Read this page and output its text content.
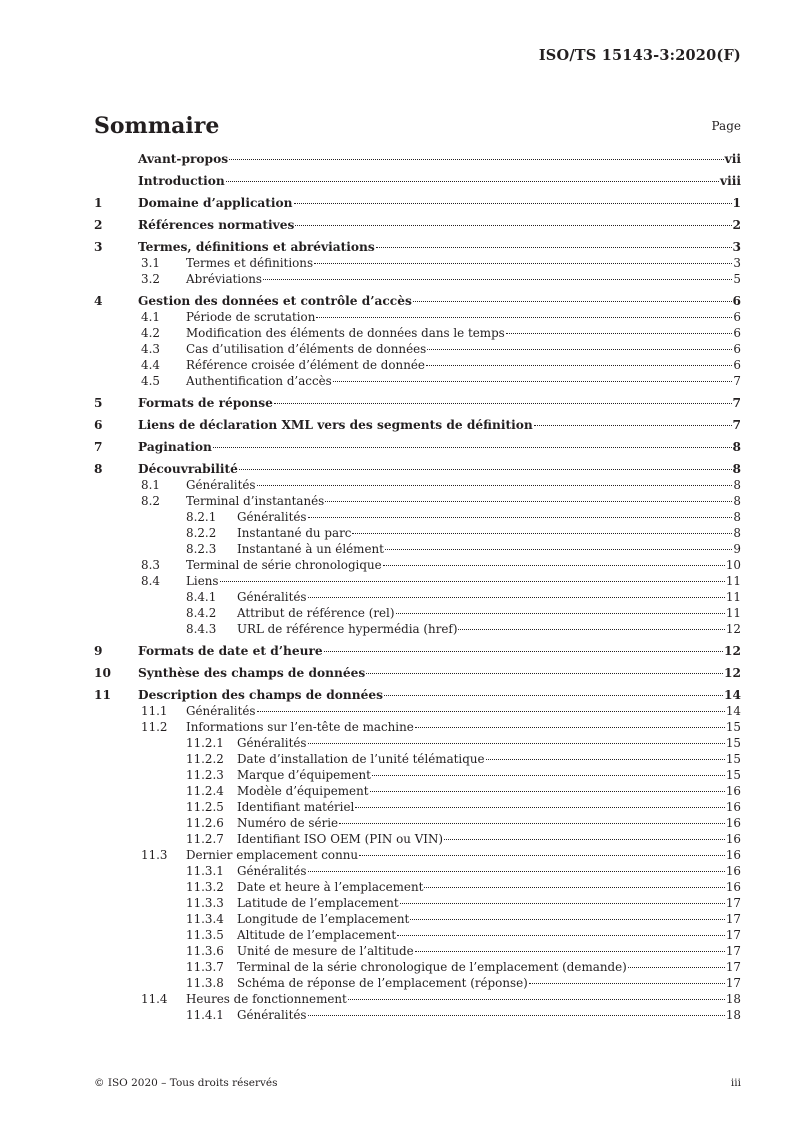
ISO/TS 15143-3:2020(F)
Sommaire	Page
Avant-propos	vii
Introduction	viii
1	Domaine d’application	1
2	Références normatives	2
3	Termes, définitions et abréviations	3
3.1 Termes et définitions	3
3.2 Abréviations	5
4	Gestion des données et contrôle d’accès	6
4.1 Période de scrutation	6
4.2 Modification des éléments de données dans le temps	6
4.3 Cas d’utilisation d’éléments de données	6
4.4 Référence croisée d’élément de donnée	6
4.5 Authentification d’accès	7
5	Formats de réponse	7
6	Liens de déclaration XML vers des segments de définition	7
7	Pagination	8
8	Découvrabilité	8
8.1 Généralités	8
8.2 Terminal d’instantanés	8
8.2.1 Généralités	8
8.2.2 Instantané du parc	8
8.2.3 Instantané à un élément	9
8.3 Terminal de série chronologique	10
8.4 Liens	11
8.4.1 Généralités	11
8.4.2 Attribut de référence (rel)	11
8.4.3 URL de référence hypermédia (href)	12
9	Formats de date et d’heure	12
10	Synthèse des champs de données	12
11	Description des champs de données	14
11.1 Généralités	14
11.2 Informations sur l’en-tête de machine	15
11.2.1 Généralités	15
11.2.2 Date d’installation de l’unité télématique	15
11.2.3 Marque d’équipement	15
11.2.4 Modèle d’équipement	16
11.2.5 Identifiant matériel	16
11.2.6 Numéro de série	16
11.2.7 Identifiant ISO OEM (PIN ou VIN)	16
11.3 Dernier emplacement connu	16
11.3.1 Généralités	16
11.3.2 Date et heure à l’emplacement	16
11.3.3 Latitude de l’emplacement	17
11.3.4 Longitude de l’emplacement	17
11.3.5 Altitude de l’emplacement	17
11.3.6 Unité de mesure de l’altitude	17
11.3.7 Terminal de la série chronologique de l’emplacement (demande)	17
11.3.8 Schéma de réponse de l’emplacement (réponse)	17
11.4 Heures de fonctionnement	18
11.4.1 Généralités	18
© ISO 2020 – Tous droits réservés	iii
